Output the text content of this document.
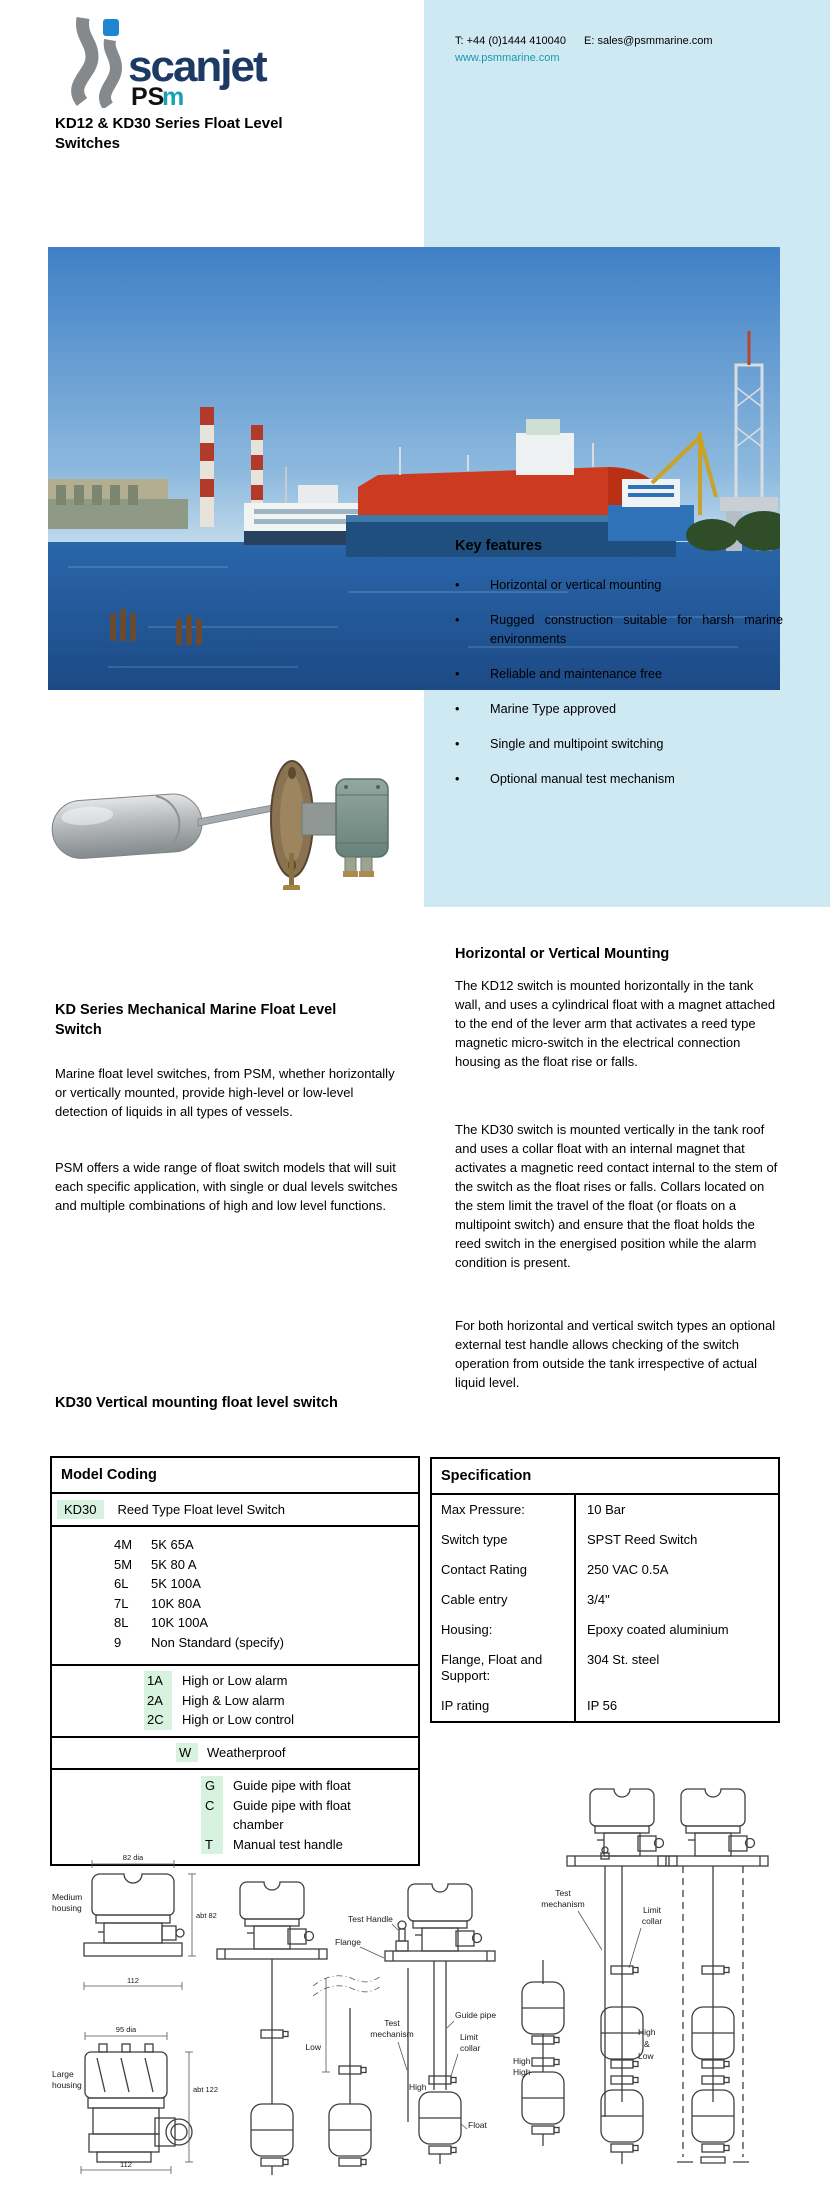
scanjet
PS
m
T: +44 (0)1444 410040 E: sales@psmmarine.com
www.psmmarine.com
KD12 & KD30 Series Float Level Switches
Key features
•
Horizontal or vertical mounting
•
Rugged construction suitable for harsh marine environments
•
Reliable and maintenance free
•
Marine Type approved
•
Single and multipoint switching
•
Optional manual test mechanism
KD Series Mechanical Marine Float Level Switch
Marine float level switches, from PSM, whether horizontally or vertically mounted, provide high-level or low-level detection of liquids in all types of vessels.
PSM offers a wide range of float switch models that will suit each specific application, with single or dual levels switches and multiple combinations of high and low level functions.
Horizontal or Vertical Mounting
The KD12 switch is mounted horizontally in the tank wall, and uses a cylindrical float with a magnet attached to the end of the lever arm that activates a reed type magnetic micro-switch in the electrical connection housing as the float rise or falls.
The KD30 switch is mounted vertically in the tank roof and uses a collar float with an internal magnet that activates a magnetic reed contact internal to the stem of the switch as the float rises or falls. Collars located on the stem limit the travel of the float (or floats on a multipoint switch) and ensure that the float holds the reed switch in the energised position while the alarm condition is present.
For both horizontal and vertical switch types an optional external test handle allows checking of the switch operation from outside the tank irrespective of actual liquid level.
KD30 Vertical mounting float level switch
Model Coding
KD30	Reed Type Float level Switch
4M	5K 65A
5M	5K 80 A
6L	5K 100A
7L	10K 80A
8L	10K 100A
9	Non Standard (specify)
1A	High or Low alarm
2A	High & Low alarm
2C	High or Low control
W	Weatherproof
G	Guide pipe with float
C	Guide pipe with float chamber
T	Manual test handle
Specification
Max Pressure:	10 Bar
Switch type	SPST Reed Switch
Contact Rating	250 VAC 0.5A
Cable entry	3/4"
Housing:	Epoxy coated aluminium
Flange, Float and Support:
304 St. steel
IP rating	IP 56
82 dia
abt 82
112
Medium
housing
95 dia
abt 122
112
Large
housing
Test Handle
Flange
Guide pipe
Limit
collar
Float
High
Low
Test
mechanism
High
High
Test
mechanism
Limit
collar
High
&
Low
